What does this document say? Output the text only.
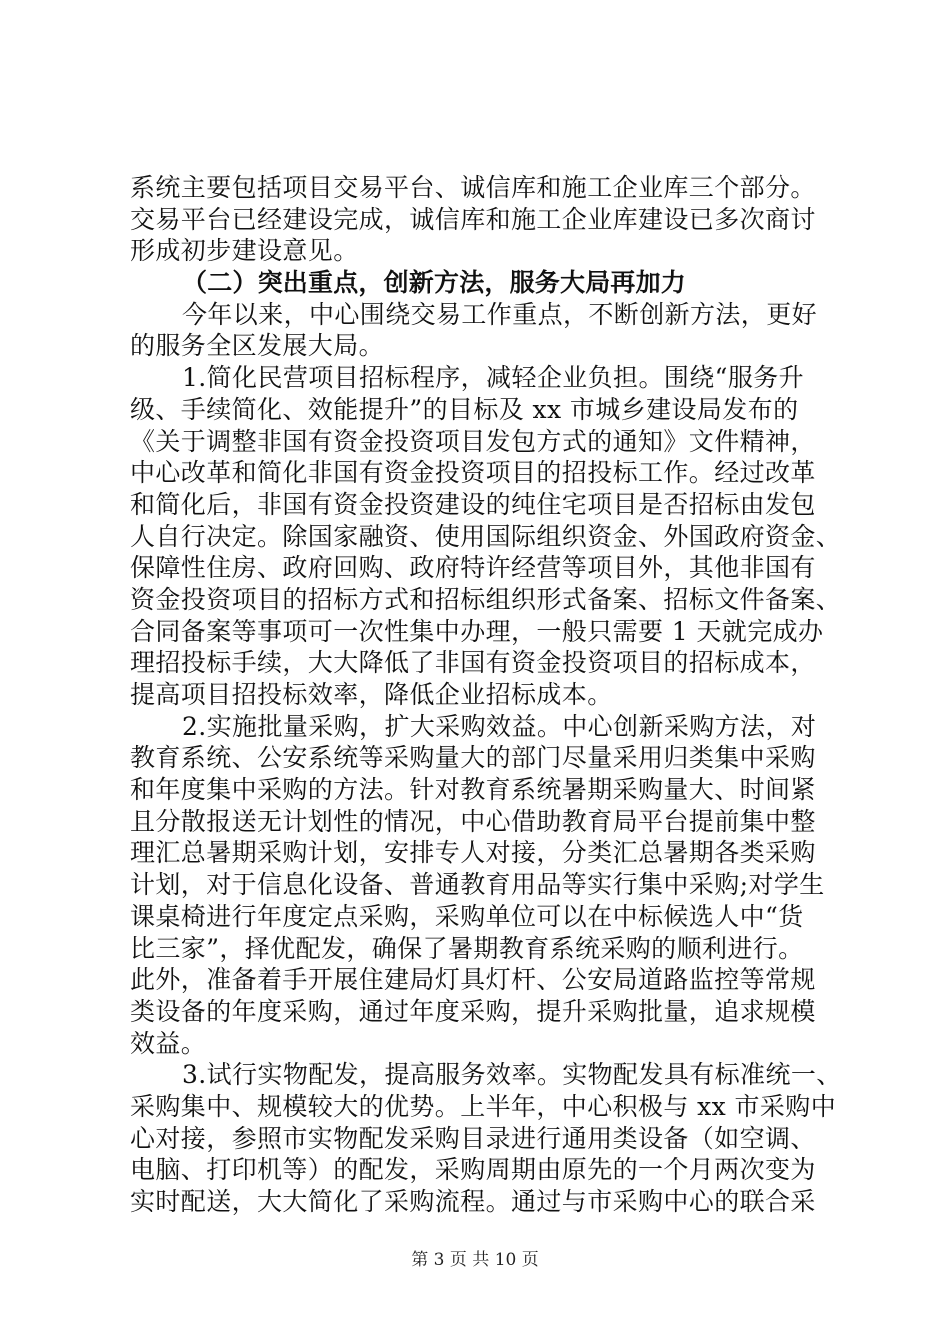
系统主要包括项目交易平台、诚信库和施工企业库三个部分。
交易平台已经建设完成，诚信库和施工企业库建设已多次商讨
形成初步建设意见。
（二）突出重点，创新方法，服务大局再加力
今年以来，中心围绕交易工作重点，不断创新方法，更好
的服务全区发展大局。
1.简化民营项目招标程序，减轻企业负担。围绕“服务升
级、手续简化、效能提升”的目标及 xx 市城乡建设局发布的
《关于调整非国有资金投资项目发包方式的通知》文件精神，
中心改革和简化非国有资金投资项目的招投标工作。经过改革
和简化后，非国有资金投资建设的纯住宅项目是否招标由发包
人自行决定。除国家融资、使用国际组织资金、外国政府资金、
保障性住房、政府回购、政府特许经营等项目外，其他非国有
资金投资项目的招标方式和招标组织形式备案、招标文件备案、
合同备案等事项可一次性集中办理，一般只需要 1 天就完成办
理招投标手续，大大降低了非国有资金投资项目的招标成本，
提高项目招投标效率，降低企业招标成本。
2.实施批量采购，扩大采购效益。中心创新采购方法，对
教育系统、公安系统等采购量大的部门尽量采用归类集中采购
和年度集中采购的方法。针对教育系统暑期采购量大、时间紧
且分散报送无计划性的情况，中心借助教育局平台提前集中整
理汇总暑期采购计划，安排专人对接，分类汇总暑期各类采购
计划，对于信息化设备、普通教育用品等实行集中采购;对学生
课桌椅进行年度定点采购，采购单位可以在中标候选人中“货
比三家”，择优配发，确保了暑期教育系统采购的顺利进行。
此外，准备着手开展住建局灯具灯杆、公安局道路监控等常规
类设备的年度采购，通过年度采购，提升采购批量，追求规模
效益。
3.试行实物配发，提高服务效率。实物配发具有标准统一、
采购集中、规模较大的优势。上半年，中心积极与 xx 市采购中
心对接，参照市实物配发采购目录进行通用类设备（如空调、
电脑、打印机等）的配发，采购周期由原先的一个月两次变为
实时配送，大大简化了采购流程。通过与市采购中心的联合采
第 3 页 共 10 页
